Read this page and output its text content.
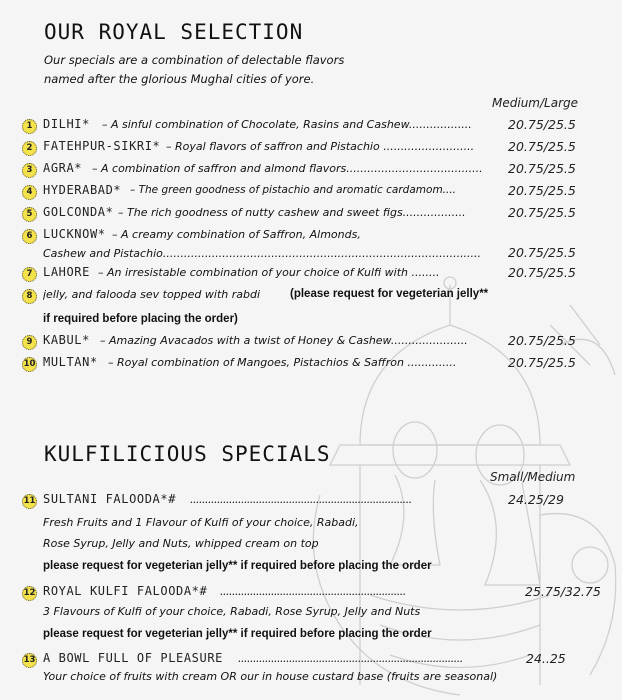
OUR ROYAL SELECTION
Our specials are a combination of delectable flavors
named after the glorious Mughal cities of yore.
Medium/Large
1 DILHI* – A sinful combination of Chocolate, Rasins and Cashew..................	20.75/25.5
2 FATEHPUR-SIKRI* – Royal flavors of saffron and Pistachio ..........................	20.75/25.5
3 AGRA* – A combination of saffron and almond flavors.......................................	20.75/25.5
4 HYDERABAD* – The green goodness of pistachio and aromatic cardamom....	20.75/25.5
5 GOLCONDA* – The rich goodness of nutty cashew and sweet figs..................	20.75/25.5
6 LUCKNOW* – A creamy combination of Saffron, Almonds,
Cashew and Pistachio...........................................................................................	20.75/25.5
7 LAHORE – An irresistable combination of your choice of Kulfi with ........	20.75/25.5
8 jelly, and falooda sev topped with rabdi	(please request for vegeterian jelly**
if required before placing the order)
9 KABUL* – Amazing Avacados with a twist of Honey & Cashew......................	20.75/25.5
10 MULTAN* – Royal combination of Mangoes, Pistachios & Saffron ..............	20.75/25.5
KULFILICIOUS SPECIALS
Small/Medium
11 SULTANI FALOODA*# ..........................................................................	24.25/29
Fresh Fruits and 1 Flavour of Kulfi of your choice, Rabadi,
Rose Syrup, Jelly and Nuts, whipped cream on top
please request for vegeterian jelly** if required before placing the order
12 ROYAL KULFI FALOODA*# ..............................................................	25.75/32.75
3 Flavours of Kulfi of your choice, Rabadi, Rose Syrup, Jelly and Nuts
please request for vegeterian jelly** if required before placing the order
13 A BOWL FULL OF PLEASURE ...........................................................................	24..25
Your choice of fruits with cream OR our in house custard base (fruits are seasonal)
